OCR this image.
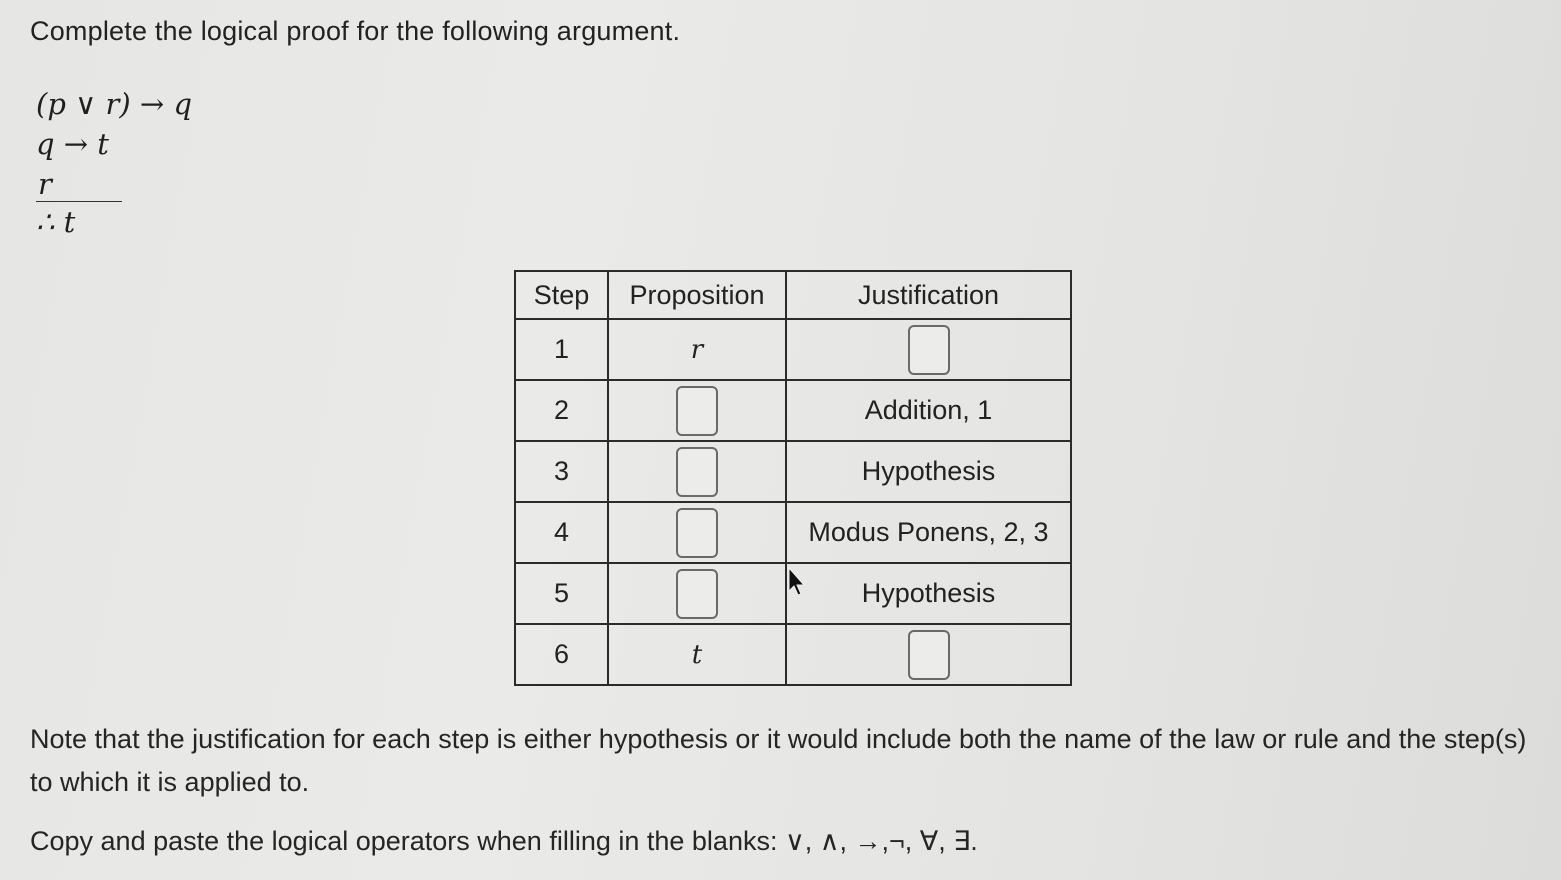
Complete the logical proof for the following argument.
(p ∨ r) → q
q → t
r
∴ t
Step	Proposition	Justification
1	r	
2		Addition, 1
3		Hypothesis
4		Modus Ponens, 2, 3
5		Hypothesis
6	t	
Note that the justification for each step is either hypothesis or it would include both the name of the law or rule and the step(s) to which it is applied to.
Copy and paste the logical operators when filling in the blanks: ∨, ∧, →,¬, ∀, ∃.
